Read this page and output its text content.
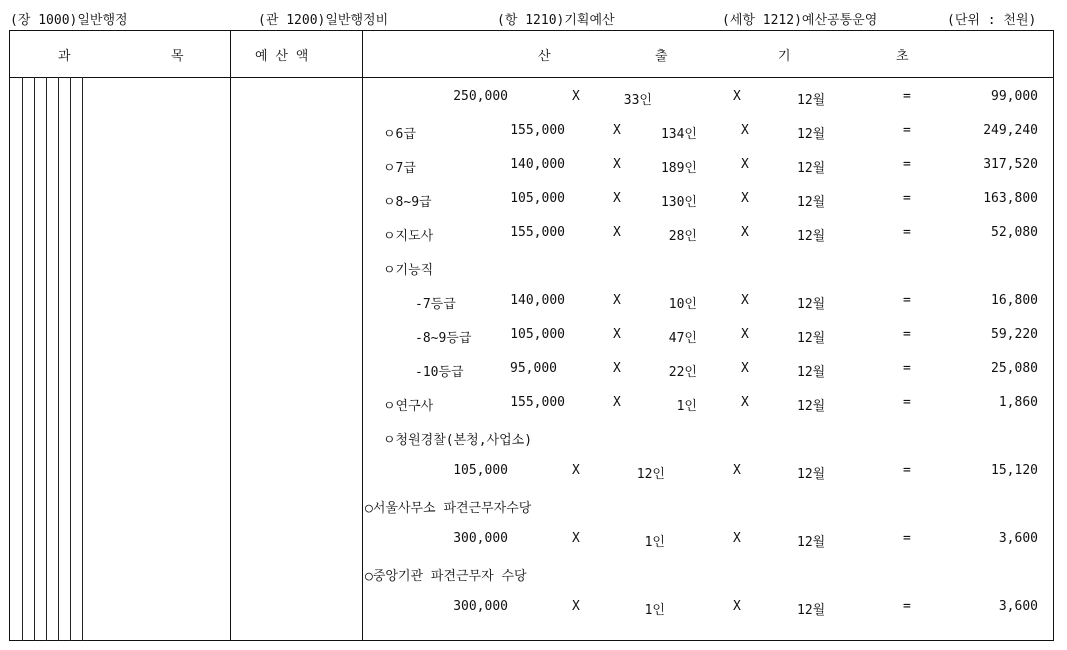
(장 1000)일반행정	(관 1200)일반행정비	(항 1210)기획예산	(세항 1212)예산공통운영	(단위 : 천원)
과	목	예 산 액	산	출	기	초
250,000	X	33인	X	12월	=	99,000
ㅇ6급	155,000	X	134인	X	12월	=	249,240
ㅇ7급	140,000	X	189인	X	12월	=	317,520
ㅇ8~9급	105,000	X	130인	X	12월	=	163,800
ㅇ지도사	155,000	X	28인	X	12월	=	52,080
ㅇ기능직
-7등급	140,000	X	10인	X	12월	=	16,800
-8~9등급	105,000	X	47인	X	12월	=	59,220
-10등급	95,000	X	22인	X	12월	=	25,080
ㅇ연구사	155,000	X	1인	X	12월	=	1,860
ㅇ청원경찰(본청,사업소)
105,000	X	12인	X	12월	=	15,120
○서울사무소 파견근무자수당
300,000	X	1인	X	12월	=	3,600
○중앙기관 파견근무자 수당
300,000	X	1인	X	12월	=	3,600
